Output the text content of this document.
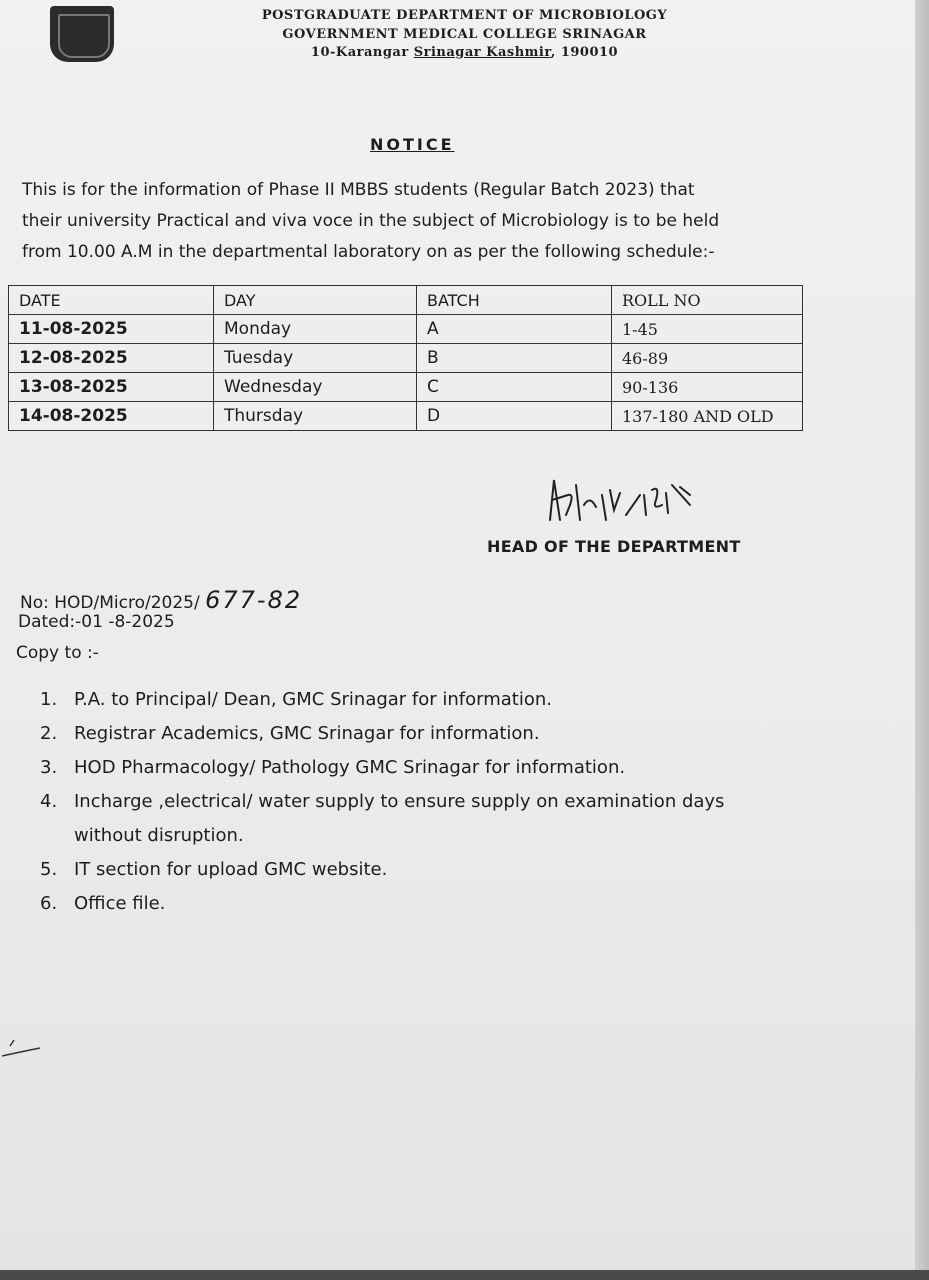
POSTGRADUATE DEPARTMENT OF MICROBIOLOGY
GOVERNMENT MEDICAL COLLEGE SRINAGAR
10-Karangar Srinagar Kashmir, 190010
NOTICE
This is for the information of Phase II MBBS students (Regular Batch 2023) that
their university Practical and viva voce in the subject of Microbiology is to be held
from 10.00 A.M in the departmental laboratory on as per the following schedule:-
DATE	DAY	BATCH	ROLL NO
11-08-2025	Monday	A	1-45
12-08-2025	Tuesday	B	46-89
13-08-2025	Wednesday	C	90-136
14-08-2025	Thursday	D	137-180 AND OLD
HEAD OF THE DEPARTMENT
No: HOD/Micro/2025/ 677-82
Dated:-01 -8-2025
Copy to :-
1. P.A. to Principal/ Dean, GMC Srinagar for information.
2. Registrar Academics, GMC Srinagar for information.
3. HOD Pharmacology/ Pathology GMC Srinagar for information.
4. Incharge ,electrical/ water supply to ensure supply on examination days
without disruption.
5. IT section for upload GMC website.
6. Office file.
